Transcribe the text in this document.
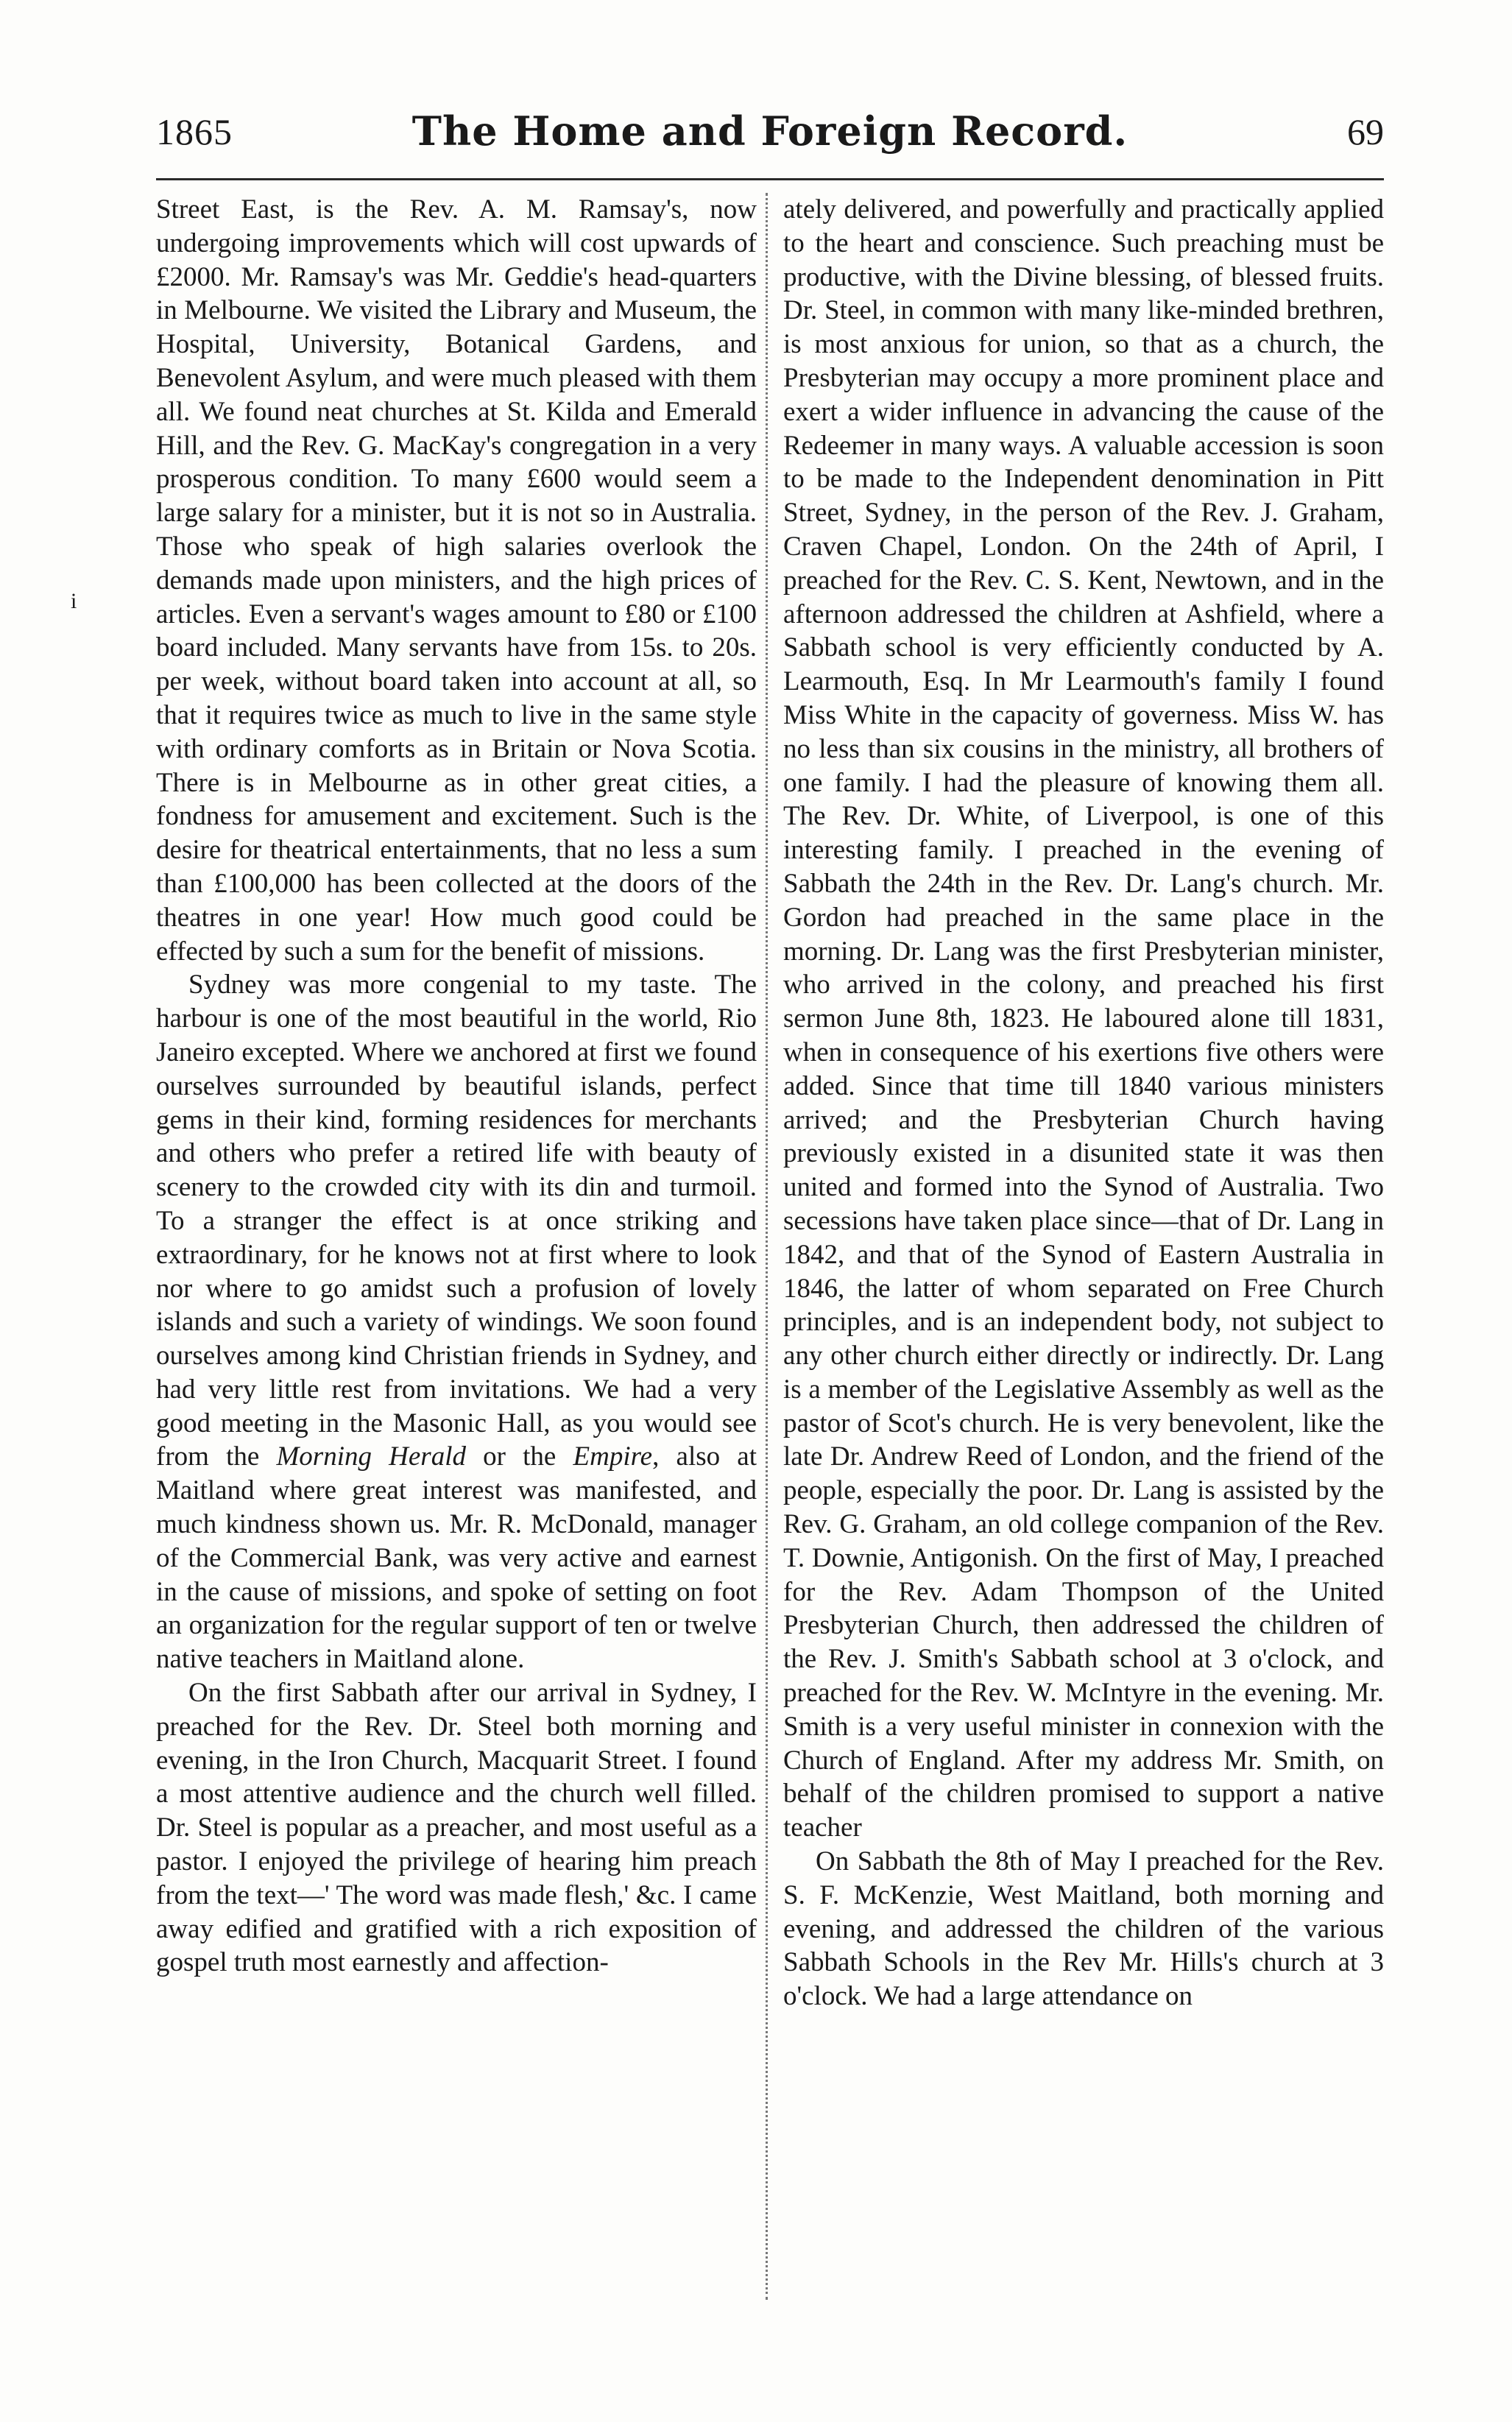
1865	The Home and Foreign Record.	69
i

Street East, is the Rev. A. M. Ramsay's, now undergoing improvements which will cost upwards of £2000. Mr. Ramsay's was Mr. Geddie's head-quarters in Melbourne. We visited the Library and Museum, the Hospital, University, Botanical Gardens, and Benevolent Asylum, and were much pleased with them all. We found neat churches at St. Kilda and Emerald Hill, and the Rev. G. MacKay's congregation in a very prosperous condition. To many £600 would seem a large salary for a minister, but it is not so in Australia. Those who speak of high salaries overlook the demands made upon ministers, and the high prices of articles. Even a servant's wages amount to £80 or £100 board included. Many servants have from 15s. to 20s. per week, without board taken into account at all, so that it requires twice as much to live in the same style with ordinary comforts as in Britain or Nova Scotia. There is in Melbourne as in other great cities, a fondness for amusement and excitement. Such is the desire for theatrical entertainments, that no less a sum than £100,000 has been collected at the doors of the theatres in one year! How much good could be effected by such a sum for the benefit of missions.

Sydney was more congenial to my taste. The harbour is one of the most beautiful in the world, Rio Janeiro excepted. Where we anchored at first we found ourselves surrounded by beautiful islands, perfect gems in their kind, forming residences for merchants and others who prefer a retired life with beauty of scenery to the crowded city with its din and turmoil. To a stranger the effect is at once striking and extraordinary, for he knows not at first where to look nor where to go amidst such a profusion of lovely islands and such a variety of windings. We soon found ourselves among kind Christian friends in Sydney, and had very little rest from invitations. We had a very good meeting in the Masonic Hall, as you would see from the Morning Herald or the Empire, also at Maitland where great interest was manifested, and much kindness shown us. Mr. R. McDonald, manager of the Commercial Bank, was very active and earnest in the cause of missions, and spoke of setting on foot an organization for the regular support of ten or twelve native teachers in Maitland alone.

On the first Sabbath after our arrival in Sydney, I preached for the Rev. Dr. Steel both morning and evening, in the Iron Church, Macquarit Street. I found a most attentive audience and the church well filled. Dr. Steel is popular as a preacher, and most useful as a pastor. I enjoyed the privilege of hearing him preach from the text—' The word was made flesh,' &c. I came away edified and gratified with a rich exposition of gospel truth most earnestly and affection-

ately delivered, and powerfully and practically applied to the heart and conscience. Such preaching must be productive, with the Divine blessing, of blessed fruits. Dr. Steel, in common with many like-minded brethren, is most anxious for union, so that as a church, the Presbyterian may occupy a more prominent place and exert a wider influence in advancing the cause of the Redeemer in many ways. A valuable accession is soon to be made to the Independent denomination in Pitt Street, Sydney, in the person of the Rev. J. Graham, Craven Chapel, London. On the 24th of April, I preached for the Rev. C. S. Kent, Newtown, and in the afternoon addressed the children at Ashfield, where a Sabbath school is very efficiently conducted by A. Learmouth, Esq. In Mr Learmouth's family I found Miss White in the capacity of governess. Miss W. has no less than six cousins in the ministry, all brothers of one family. I had the pleasure of knowing them all. The Rev. Dr. White, of Liverpool, is one of this interesting family. I preached in the evening of Sabbath the 24th in the Rev. Dr. Lang's church. Mr. Gordon had preached in the same place in the morning. Dr. Lang was the first Presbyterian minister, who arrived in the colony, and preached his first sermon June 8th, 1823. He laboured alone till 1831, when in consequence of his exertions five others were added. Since that time till 1840 various ministers arrived; and the Presbyterian Church having previously existed in a disunited state it was then united and formed into the Synod of Australia. Two secessions have taken place since—that of Dr. Lang in 1842, and that of the Synod of Eastern Australia in 1846, the latter of whom separated on Free Church principles, and is an independent body, not subject to any other church either directly or indirectly. Dr. Lang is a member of the Legislative Assembly as well as the pastor of Scot's church. He is very benevolent, like the late Dr. Andrew Reed of London, and the friend of the people, especially the poor. Dr. Lang is assisted by the Rev. G. Graham, an old college companion of the Rev. T. Downie, Antigonish. On the first of May, I preached for the Rev. Adam Thompson of the United Presbyterian Church, then addressed the children of the Rev. J. Smith's Sabbath school at 3 o'clock, and preached for the Rev. W. McIntyre in the evening. Mr. Smith is a very useful minister in connexion with the Church of England. After my address Mr. Smith, on behalf of the children promised to support a native teacher

On Sabbath the 8th of May I preached for the Rev. S. F. McKenzie, West Maitland, both morning and evening, and addressed the children of the various Sabbath Schools in the Rev Mr. Hills's church at 3 o'clock. We had a large attendance on
